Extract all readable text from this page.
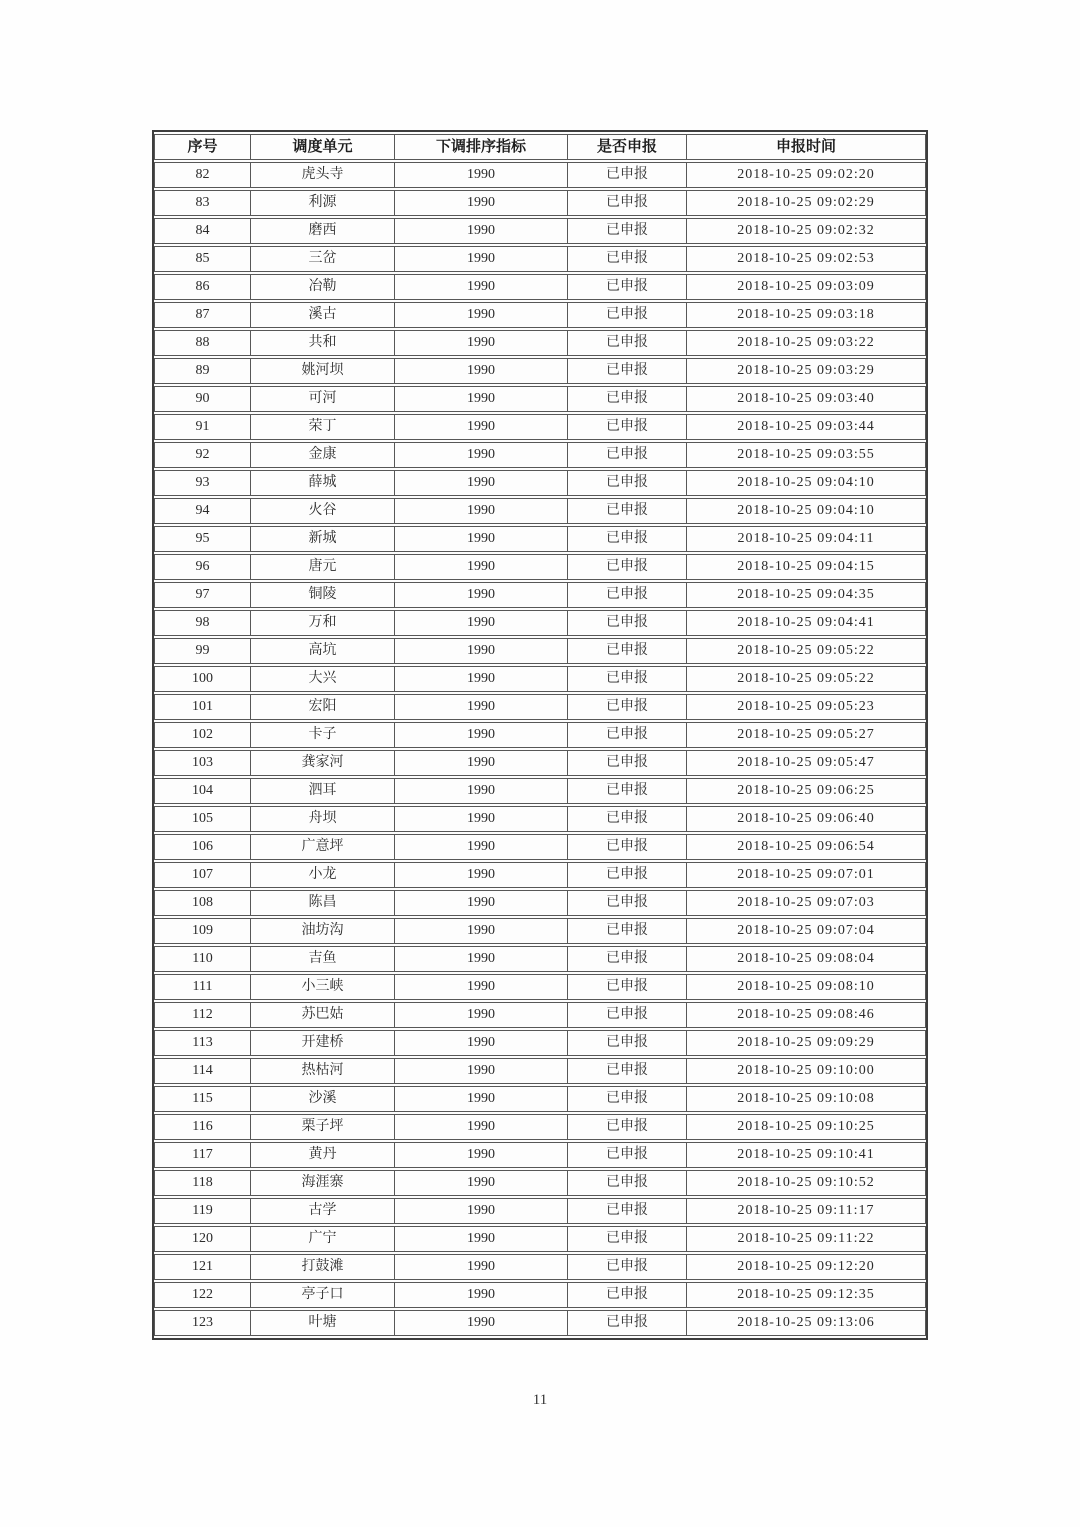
序号	调度单元	下调排序指标	是否申报	申报时间
82	虎头寺	1990	已申报	2018-10-25 09:02:20
83	利源	1990	已申报	2018-10-25 09:02:29
84	磨西	1990	已申报	2018-10-25 09:02:32
85	三岔	1990	已申报	2018-10-25 09:02:53
86	冶勒	1990	已申报	2018-10-25 09:03:09
87	溪古	1990	已申报	2018-10-25 09:03:18
88	共和	1990	已申报	2018-10-25 09:03:22
89	姚河坝	1990	已申报	2018-10-25 09:03:29
90	可河	1990	已申报	2018-10-25 09:03:40
91	荣丁	1990	已申报	2018-10-25 09:03:44
92	金康	1990	已申报	2018-10-25 09:03:55
93	薛城	1990	已申报	2018-10-25 09:04:10
94	火谷	1990	已申报	2018-10-25 09:04:10
95	新城	1990	已申报	2018-10-25 09:04:11
96	唐元	1990	已申报	2018-10-25 09:04:15
97	铜陵	1990	已申报	2018-10-25 09:04:35
98	万和	1990	已申报	2018-10-25 09:04:41
99	高坑	1990	已申报	2018-10-25 09:05:22
100	大兴	1990	已申报	2018-10-25 09:05:22
101	宏阳	1990	已申报	2018-10-25 09:05:23
102	卡子	1990	已申报	2018-10-25 09:05:27
103	龚家河	1990	已申报	2018-10-25 09:05:47
104	泗耳	1990	已申报	2018-10-25 09:06:25
105	舟坝	1990	已申报	2018-10-25 09:06:40
106	广意坪	1990	已申报	2018-10-25 09:06:54
107	小龙	1990	已申报	2018-10-25 09:07:01
108	陈昌	1990	已申报	2018-10-25 09:07:03
109	油坊沟	1990	已申报	2018-10-25 09:07:04
110	吉鱼	1990	已申报	2018-10-25 09:08:04
111	小三峡	1990	已申报	2018-10-25 09:08:10
112	苏巴姑	1990	已申报	2018-10-25 09:08:46
113	开建桥	1990	已申报	2018-10-25 09:09:29
114	热枯河	1990	已申报	2018-10-25 09:10:00
115	沙溪	1990	已申报	2018-10-25 09:10:08
116	栗子坪	1990	已申报	2018-10-25 09:10:25
117	黄丹	1990	已申报	2018-10-25 09:10:41
118	海涯寨	1990	已申报	2018-10-25 09:10:52
119	古学	1990	已申报	2018-10-25 09:11:17
120	广宁	1990	已申报	2018-10-25 09:11:22
121	打鼓滩	1990	已申报	2018-10-25 09:12:20
122	亭子口	1990	已申报	2018-10-25 09:12:35
123	叶塘	1990	已申报	2018-10-25 09:13:06
11
